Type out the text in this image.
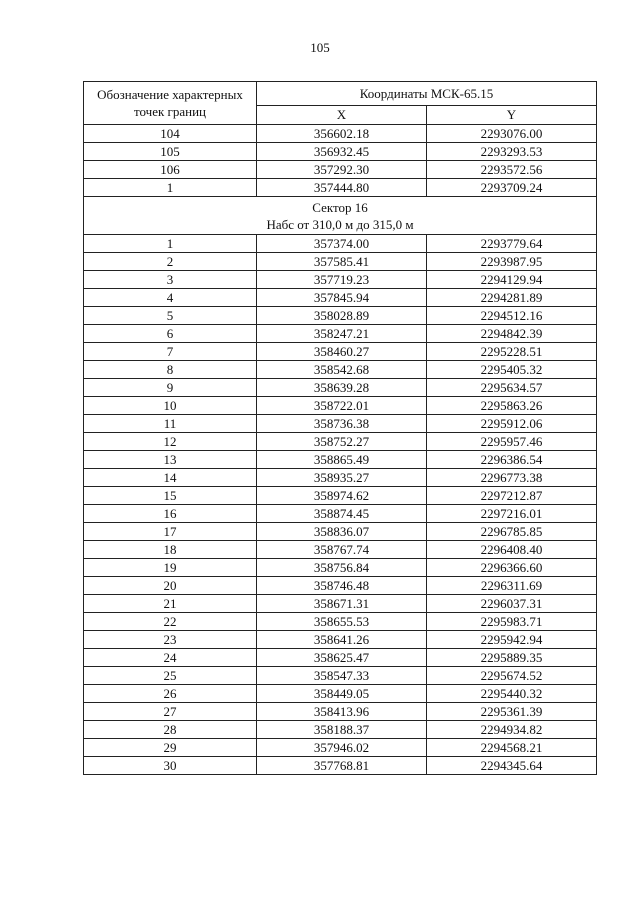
105
Обозначение характерных точек границ	Координаты МСК-65.15	
	X	Y
104	356602.18	2293076.00
105	356932.45	2293293.53
106	357292.30	2293572.56
1	357444.80	2293709.24

Сектор 16
Набс от 310,0 м до 315,0 м		

1	357374.00	2293779.64
2	357585.41	2293987.95
3	357719.23	2294129.94
4	357845.94	2294281.89
5	358028.89	2294512.16
6	358247.21	2294842.39
7	358460.27	2295228.51
8	358542.68	2295405.32
9	358639.28	2295634.57
10	358722.01	2295863.26
11	358736.38	2295912.06
12	358752.27	2295957.46
13	358865.49	2296386.54
14	358935.27	2296773.38
15	358974.62	2297212.87
16	358874.45	2297216.01
17	358836.07	2296785.85
18	358767.74	2296408.40
19	358756.84	2296366.60
20	358746.48	2296311.69
21	358671.31	2296037.31
22	358655.53	2295983.71
23	358641.26	2295942.94
24	358625.47	2295889.35
25	358547.33	2295674.52
26	358449.05	2295440.32
27	358413.96	2295361.39
28	358188.37	2294934.82
29	357946.02	2294568.21
30	357768.81	2294345.64
